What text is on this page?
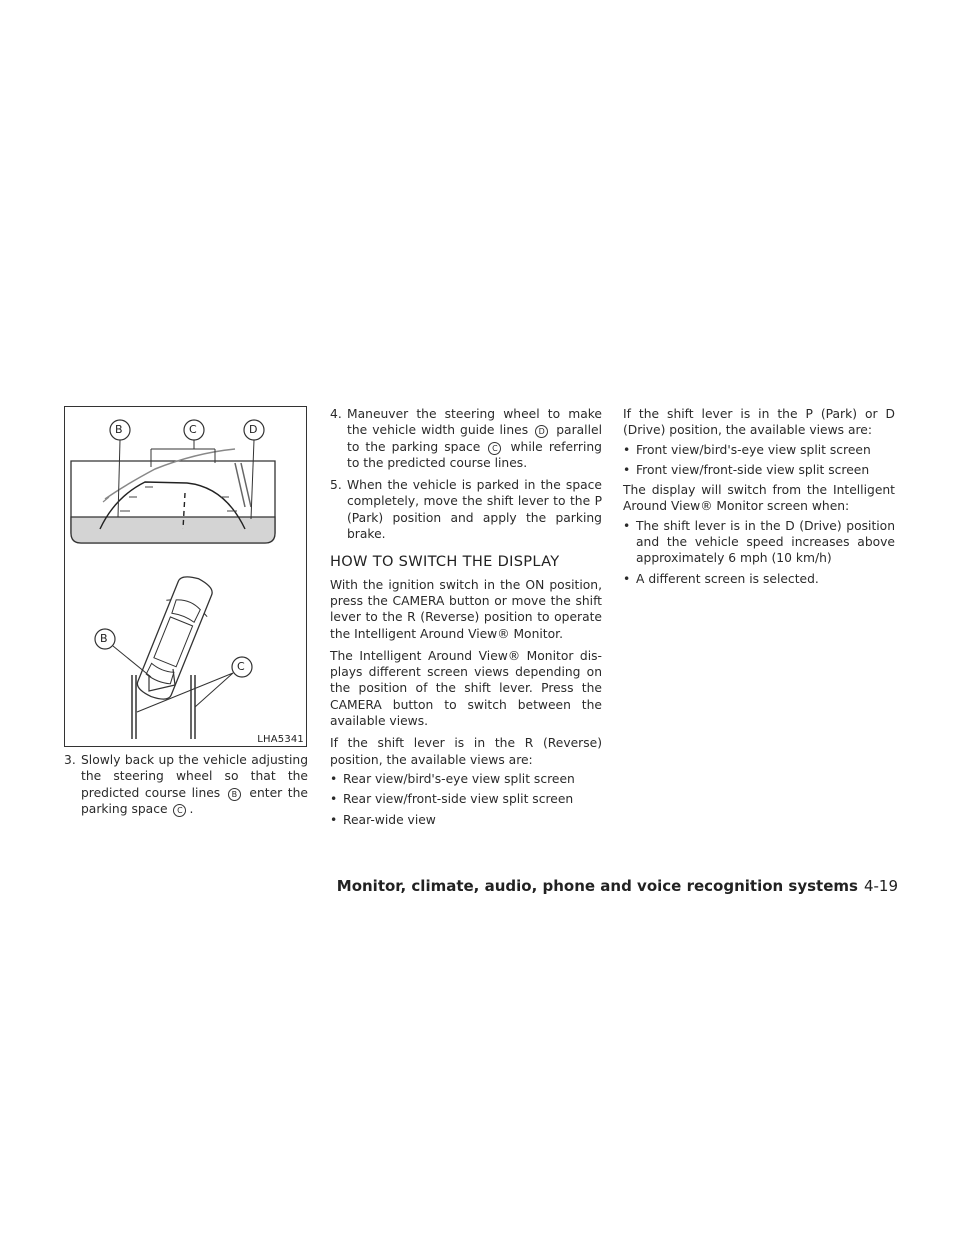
B	C	D
B
C
LHA5341
3. Slowly back up the vehicle adjusting the steering wheel so that the predicted course lines B enter the parking space C .
4. Maneuver the steering wheel to make the vehicle width guide lines D parallel to the parking space C while referring to the predicted course lines.
5. When the vehicle is parked in the space completely, move the shift lever to the P (Park) position and apply the parking brake.
HOW TO SWITCH THE DISPLAY

With the ignition switch in the ON position, press the CAMERA button or move the shift lever to the R (Reverse) position to operate the Intelligent Around View® Monitor.

The Intelligent Around View® Monitor dis- plays different screen views depending on the position of the shift lever. Press the CAMERA button to switch between the available views.

If the shift lever is in the R (Reverse) position, the available views are:

• Rear view/bird's-eye view split screen
• Rear view/front-side view split screen
• Rear-wide view

If the shift lever is in the P (Park) or D (Drive) position, the available views are:

• Front view/bird's-eye view split screen
• Front view/front-side view split screen

The display will switch from the Intelligent Around View® Monitor screen when:

• The shift lever is in the D (Drive) position and the vehicle speed increases above approximately 6 mph (10 km/h)
• A different screen is selected.
Monitor, climate, audio, phone and voice recognition systems 4-19
